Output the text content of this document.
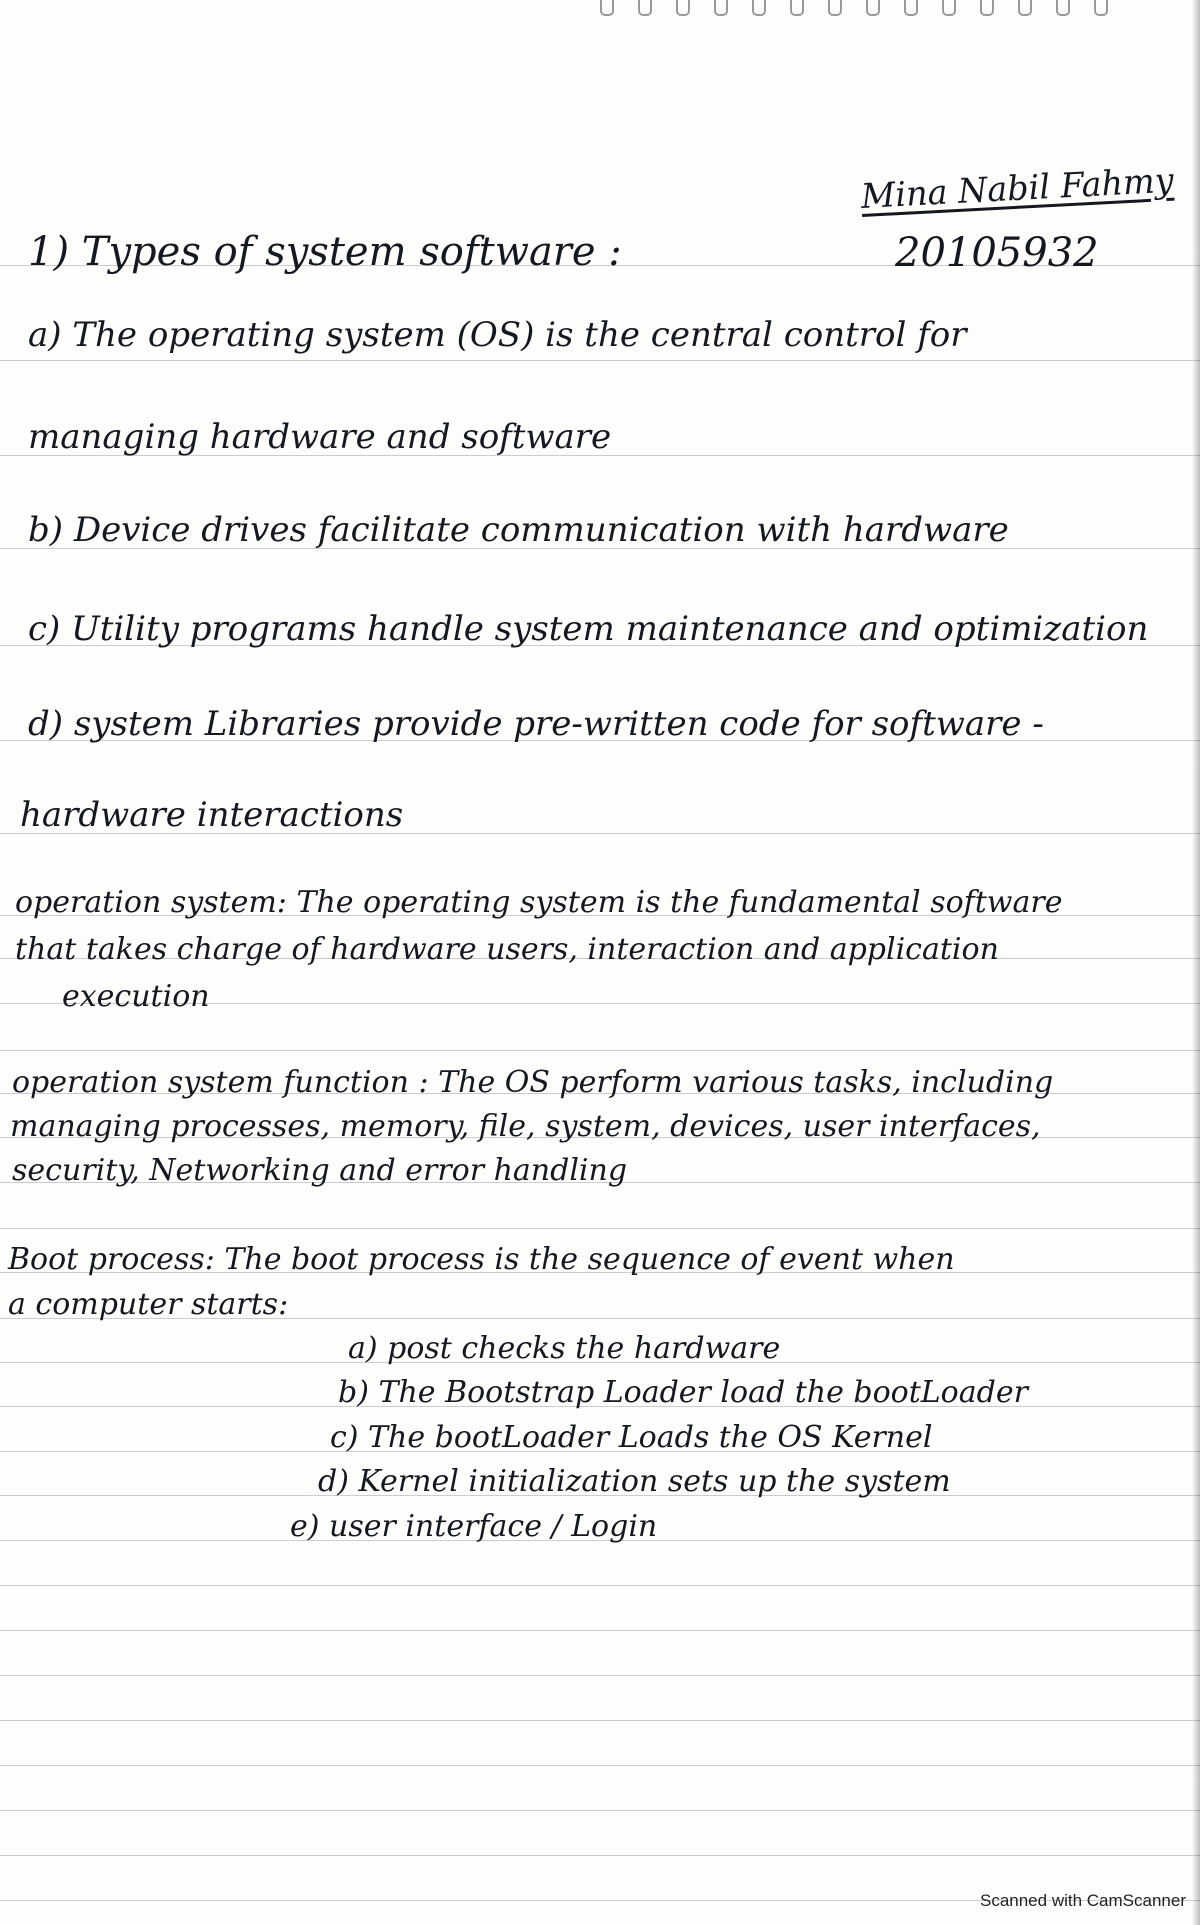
Mina Nabil Fahmy
20105932
1) Types of system software :
a) The operating system (OS) is the central control for
managing hardware and software
b) Device drives facilitate communication with hardware
c) Utility programs handle system maintenance and optimization
d) system Libraries provide pre-written code for software -
hardware interactions
operation system: The operating system is the fundamental software
that takes charge of hardware users, interaction and application
execution
operation system function : The OS perform various tasks, including
managing processes, memory, file, system, devices, user interfaces,
security, Networking and error handling
Boot process: The boot process is the sequence of event when
a computer starts:
a) post checks the hardware
b) The Bootstrap Loader load the bootLoader
c) The bootLoader Loads the OS Kernel
d) Kernel initialization sets up the system
e) user interface / Login
Scanned with CamScanner
